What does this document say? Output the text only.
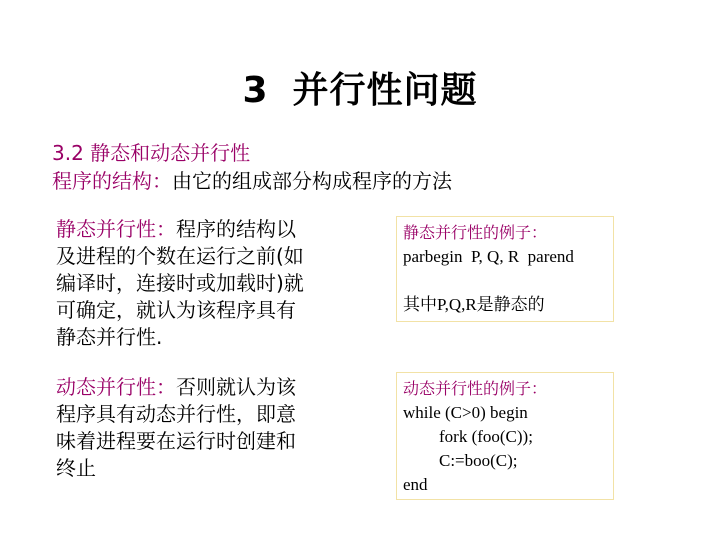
3 并行性问题
3.2 静态和动态并行性
程序的结构：由它的组成部分构成程序的方法
静态并行性：程序的结构以
及进程的个数在运行之前(如
编译时，连接时或加载时)就
可确定，就认为该程序具有
静态并行性.
静态并行性的例子：
parbegin  P, Q, R  parend
其中P,Q,R是静态的
动态并行性：否则就认为该
程序具有动态并行性，即意
味着进程要在运行时创建和
终止
动态并行性的例子：
while (C>0) begin
fork (foo(C));
C:=boo(C);
end
